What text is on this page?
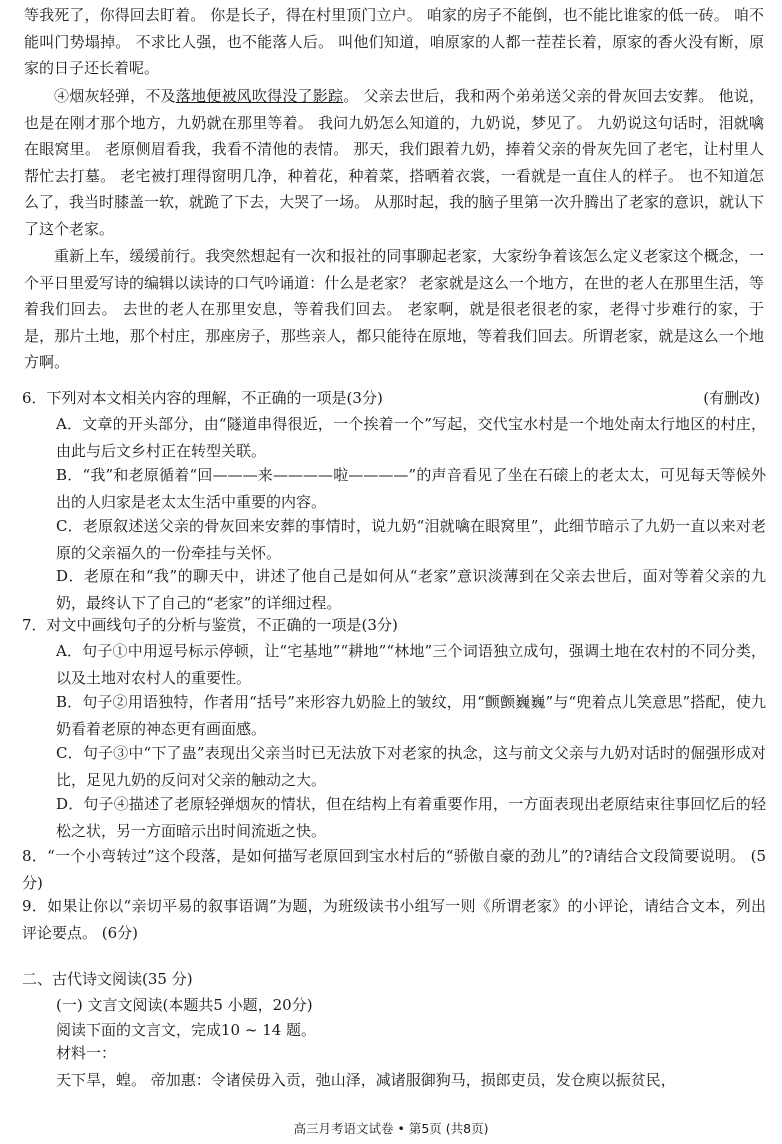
等我死了，你得回去盯着。 你是长子，得在村里顶门立户。 咱家的房子不能倒，也不能比谁家的低一砖。 咱不能叫门势塌掉。 不求比人强，也不能落人后。 叫他们知道，咱原家的人都一茬茬长着，原家的香火没有断，原家的日子还长着呢。

④烟灰轻弹，不及落地便被风吹得没了影踪。 父亲去世后，我和两个弟弟送父亲的骨灰回去安葬。 他说，也是在刚才那个地方，九奶就在那里等着。 我问九奶怎么知道的，九奶说，梦见了。 九奶说这句话时，泪就噙在眼窝里。 老原侧眉看我，我看不清他的表情。 那天，我们跟着九奶，捧着父亲的骨灰先回了老宅，让村里人帮忙去打墓。 老宅被打理得窗明几净，种着花，种着菜，搭晒着衣裳，一看就是一直住人的样子。 也不知道怎么了，我当时膝盖一软，就跪了下去，大哭了一场。 从那时起，我的脑子里第一次升腾出了老家的意识，就认下了这个老家。

重新上车，缓缓前行。我突然想起有一次和报社的同事聊起老家，大家纷争着该怎么定义老家这个概念，一个平日里爱写诗的编辑以读诗的口气吟诵道：什么是老家？ 老家就是这么一个地方，在世的老人在那里生活，等着我们回去。 去世的老人在那里安息，等着我们回去。 老家啊，就是很老很老的家，老得寸步难行的家，于是，那片土地，那个村庄，那座房子，那些亲人，都只能待在原地，等着我们回去。所谓老家，就是这么一个地方啊。

6．下列对本文相关内容的理解，不正确的一项是(3分)	(有删改)

A．文章的开头部分，由“隧道串得很近，一个挨着一个”写起，交代宝水村是一个地处南太行地区的村庄，由此与后文乡村正在转型关联。

B．“我”和老原循着“回———来————啦————”的声音看见了坐在石磙上的老太太，可见每天等候外出的人归家是老太太生活中重要的内容。

C．老原叙述送父亲的骨灰回来安葬的事情时，说九奶“泪就噙在眼窝里”，此细节暗示了九奶一直以来对老原的父亲福久的一份牵挂与关怀。

D．老原在和“我”的聊天中，讲述了他自己是如何从“老家”意识淡薄到在父亲去世后，面对等着父亲的九奶，最终认下了自己的“老家”的详细过程。

7．对文中画线句子的分析与鉴赏，不正确的一项是(3分)

A．句子①中用逗号标示停顿，让“宅基地”“耕地”“林地”三个词语独立成句，强调土地在农村的不同分类，以及土地对农村人的重要性。

B．句子②用语独特，作者用“括号”来形容九奶脸上的皱纹，用“颤颤巍巍”与“兜着点儿笑意思”搭配，使九奶看着老原的神态更有画面感。

C．句子③中“下了蛊”表现出父亲当时已无法放下对老家的执念，这与前文父亲与九奶对话时的倔强形成对比，足见九奶的反问对父亲的触动之大。

D．句子④描述了老原轻弹烟灰的情状，但在结构上有着重要作用，一方面表现出老原结束往事回忆后的轻松之状，另一方面暗示出时间流逝之快。

8．“一个小弯转过”这个段落，是如何描写老原回到宝水村后的“骄傲自豪的劲儿”的?请结合文段简要说明。 (5分)

9．如果让你以“亲切平易的叙事语调”为题，为班级读书小组写一则《所谓老家》的小评论，请结合文本，列出评论要点。 (6分)

二、古代诗文阅读(35 分)

(一) 文言文阅读(本题共5 小题，20分)

阅读下面的文言文，完成10 ~ 14 题。

材料一：

天下旱，蝗。 帝加惠：令诸侯毋入贡，弛山泽，减诸服御狗马，损郎吏员，发仓庾以振贫民，

高三月考语文试卷 • 第5页 (共8页)
